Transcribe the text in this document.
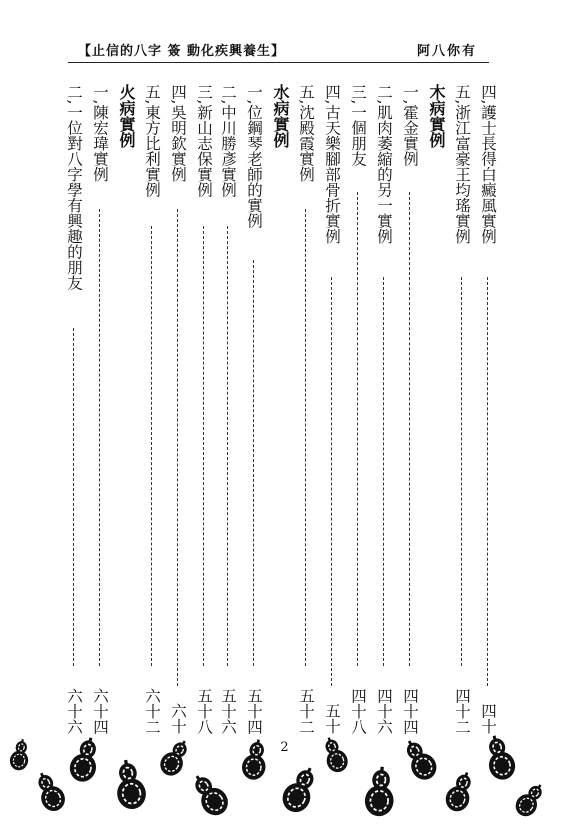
【止信的八字 簽 動化疾興養生】	阿八你有
四,護士長得白癜風實例
四十
五,浙江富豪王均瑤實例
四十二
木病實例
一,霍金實例
四十四
二,肌肉萎縮的另一實例
四十六
三,一個朋友
四十八
四,古天樂腳部骨折實例
五十
五,沈殿霞實例
五十二
水病實例
一,位鋼琴老師的實例
五十四
二,中川勝彥實例
五十六
三,新山志保實例
五十八
四,吳明欽實例
六十
五,東方比利實例
六十二
火病實例
一,陳宏瑋實例
六十四
二,一位對八字學有興趣的朋友
六十六
2
